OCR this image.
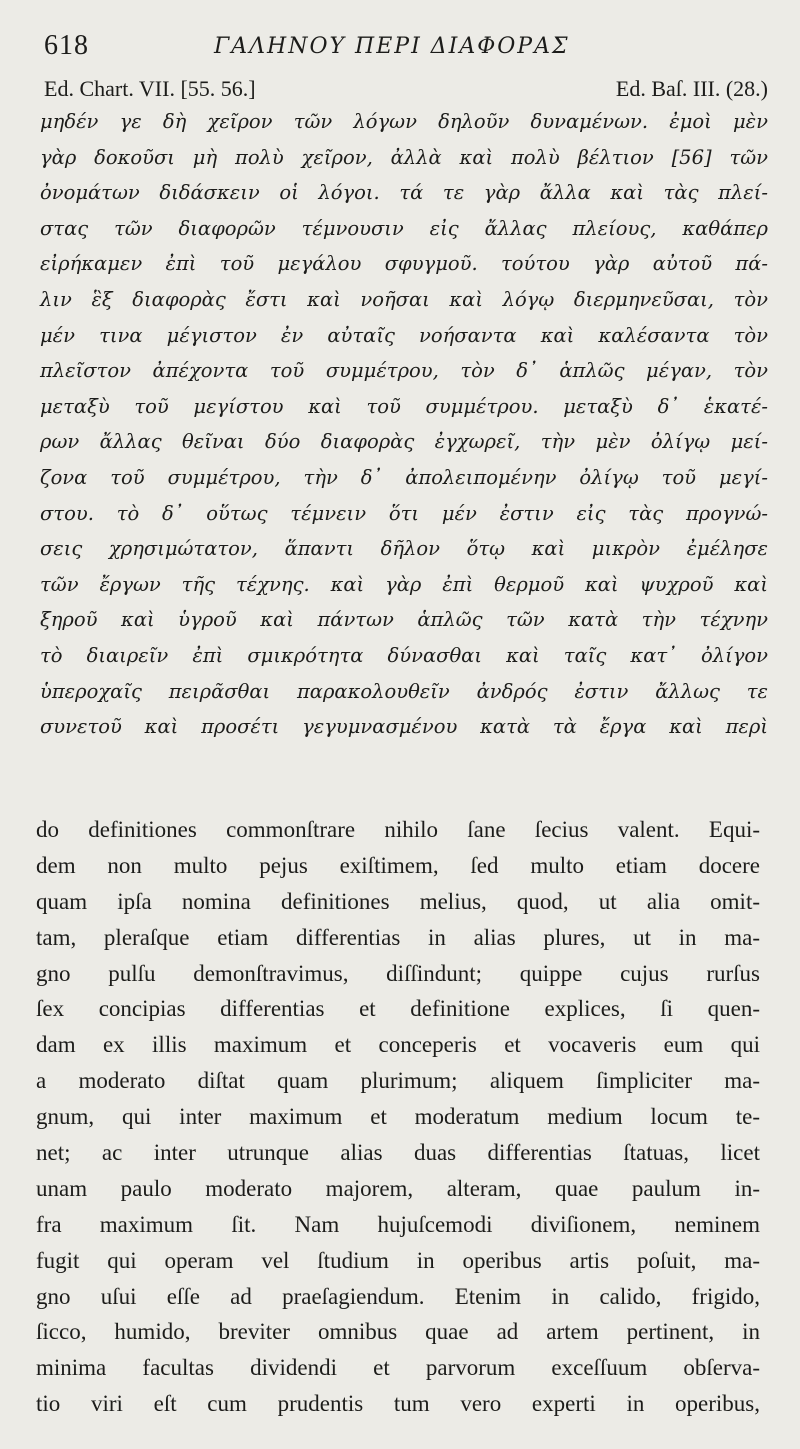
618	ΓΑΛΗΝΟΥ ΠΕΡΙ ΔΙΑΦΟΡΑΣ
Ed. Chart. VII. [55. 56.]	Ed. Baſ. III. (28.)
μηδέν γε δὴ χεῖρον τῶν λόγων δηλοῦν δυναμένων. ἐμοὶ μὲν
γὰρ δοκοῦσι μὴ πολὺ χεῖρον, ἀλλὰ καὶ πολὺ βέλτιον [56] τῶν
ὀνομάτων διδάσκειν οἱ λόγοι. τά τε γὰρ ἄλλα καὶ τὰς πλεί-
στας τῶν διαφορῶν τέμνουσιν εἰς ἄλλας πλείους, καθάπερ
εἰρήκαμεν ἐπὶ τοῦ μεγάλου σφυγμοῦ. τούτου γὰρ αὐτοῦ πά-
λιν ἓξ διαφορὰς ἔστι καὶ νοῆσαι καὶ λόγῳ διερμηνεῦσαι, τὸν
μέν τινα μέγιστον ἐν αὐταῖς νοήσαντα καὶ καλέσαντα τὸν
πλεῖστον ἀπέχοντα τοῦ συμμέτρου, τὸν δ᾽ ἁπλῶς μέγαν, τὸν
μεταξὺ τοῦ μεγίστου καὶ τοῦ συμμέτρου. μεταξὺ δ᾽ ἑκατέ-
ρων ἄλλας θεῖναι δύο διαφορὰς ἐγχωρεῖ, τὴν μὲν ὀλίγῳ μεί-
ζονα τοῦ συμμέτρου, τὴν δ᾽ ἀπολειπομένην ὀλίγῳ τοῦ μεγί-
στου. τὸ δ᾽ οὕτως τέμνειν ὅτι μέν ἐστιν εἰς τὰς προγνώ-
σεις χρησιμώτατον, ἅπαντι δῆλον ὅτῳ καὶ μικρὸν ἐμέλησε
τῶν ἔργων τῆς τέχνης. καὶ γὰρ ἐπὶ θερμοῦ καὶ ψυχροῦ καὶ
ξηροῦ καὶ ὑγροῦ καὶ πάντων ἁπλῶς τῶν κατὰ τὴν τέχνην
τὸ διαιρεῖν ἐπὶ σμικρότητα δύνασθαι καὶ ταῖς κατ᾽ ὀλίγον
ὑπεροχαῖς πειρᾶσθαι παρακολουθεῖν ἀνδρός ἐστιν ἄλλως τε
συνετοῦ καὶ προσέτι γεγυμνασμένου κατὰ τὰ ἔργα καὶ περὶ
do definitiones commonſtrare nihilo ſane ſecius valent. Equi-
dem non multo pejus exiſtimem, ſed multo etiam docere
quam ipſa nomina definitiones melius, quod, ut alia omit-
tam, pleraſque etiam differentias in alias plures, ut in ma-
gno pulſu demonſtravimus, diſſindunt; quippe cujus rurſus
ſex concipias differentias et definitione explices, ſi quen-
dam ex illis maximum et conceperis et vocaveris eum qui
a moderato diſtat quam plurimum; aliquem ſimpliciter ma-
gnum, qui inter maximum et moderatum medium locum te-
net; ac inter utrunque alias duas differentias ſtatuas, licet
unam paulo moderato majorem, alteram, quae paulum in-
fra maximum ſit. Nam hujuſcemodi diviſionem, neminem
fugit qui operam vel ſtudium in operibus artis poſuit, ma-
gno uſui eſſe ad praeſagiendum. Etenim in calido, frigido,
ſicco, humido, breviter omnibus quae ad artem pertinent, in
minima facultas dividendi et parvorum exceſſuum obſerva-
tio viri eſt cum prudentis tum vero experti in operibus,
